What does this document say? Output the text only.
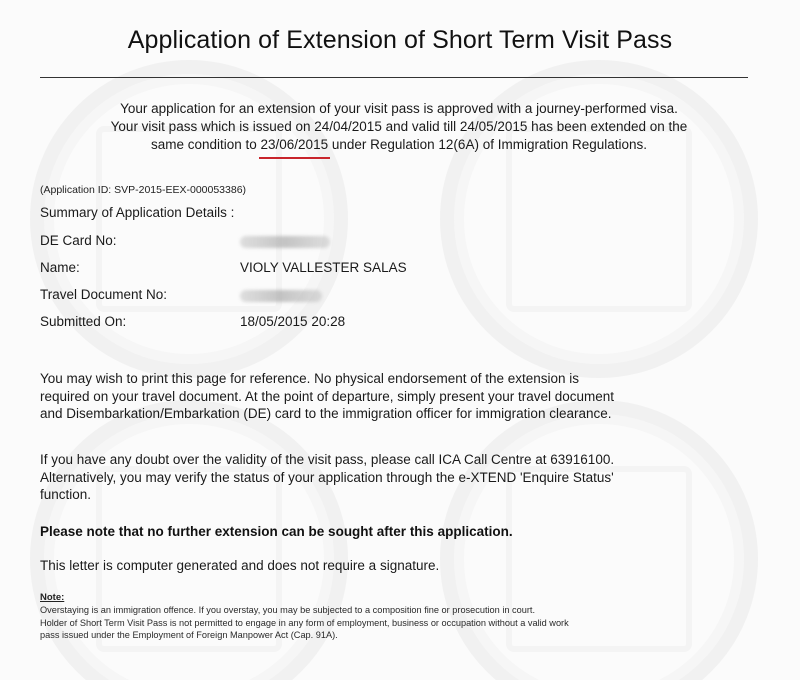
Application of Extension of Short Term Visit Pass
Your application for an extension of your visit pass is approved with a journey-performed visa.
Your visit pass which is issued on 24/04/2015 and valid till 24/05/2015 has been extended on the
same condition to 23/06/2015 under Regulation 12(6A) of Immigration Regulations.
(Application ID: SVP-2015-EEX-000053386)
Summary of Application Details :
DE Card No:
Name:	VIOLY VALLESTER SALAS
Travel Document No:
Submitted On:	18/05/2015 20:28
You may wish to print this page for reference. No physical endorsement of the extension is
required on your travel document. At the point of departure, simply present your travel document
and Disembarkation/Embarkation (DE) card to the immigration officer for immigration clearance.
If you have any doubt over the validity of the visit pass, please call ICA Call Centre at 63916100.
Alternatively, you may verify the status of your application through the e-XTEND 'Enquire Status'
function.
Please note that no further extension can be sought after this application.
This letter is computer generated and does not require a signature.
Note:
Overstaying is an immigration offence. If you overstay, you may be subjected to a composition fine or prosecution in court.
Holder of Short Term Visit Pass is not permitted to engage in any form of employment, business or occupation without a valid work
pass issued under the Employment of Foreign Manpower Act (Cap. 91A).
